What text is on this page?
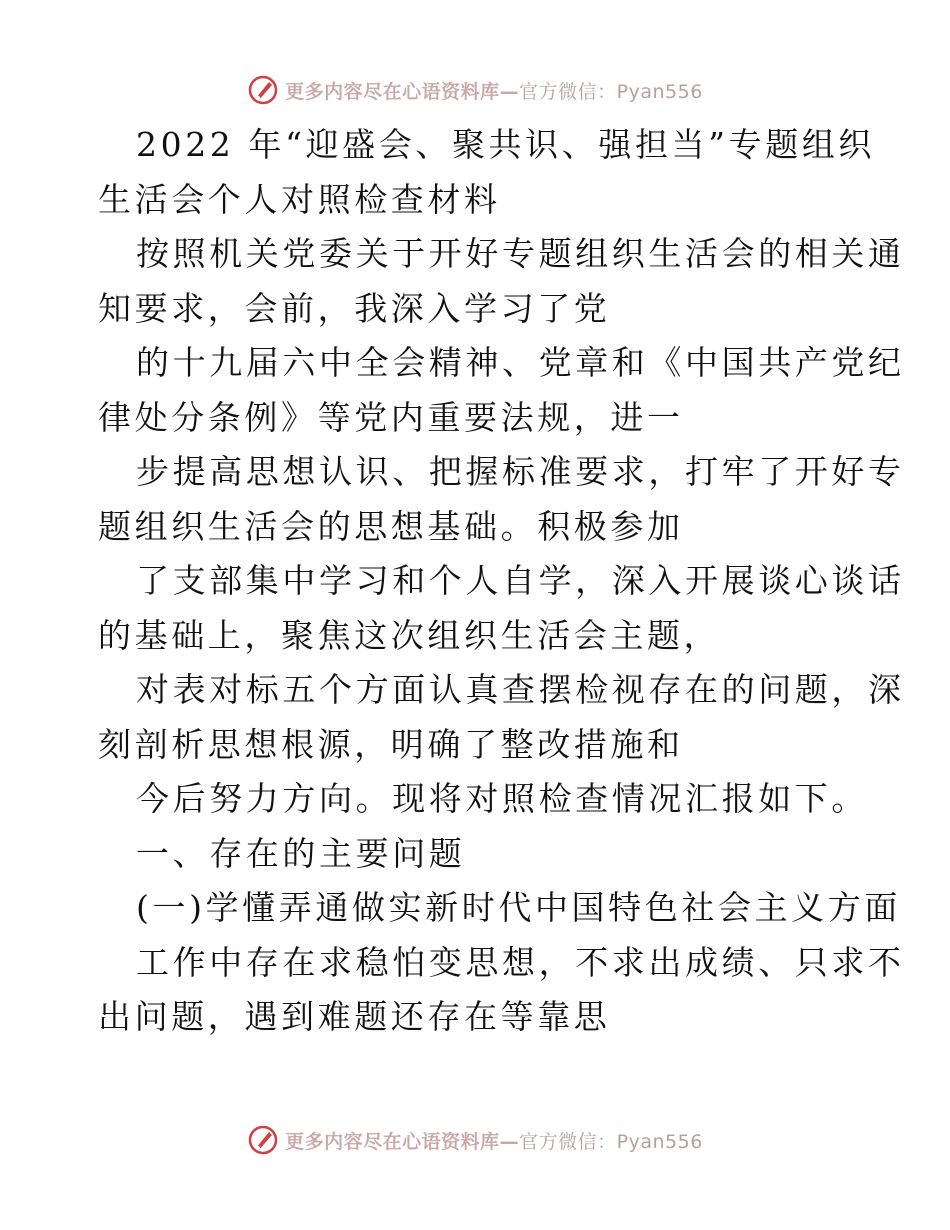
更多内容尽在心语资料库—官方微信：Pyan556
2022 年“迎盛会、聚共识、强担当”专题组织
生活会个人对照检查材料
按照机关党委关于开好专题组织生活会的相关通
知要求，会前，我深入学习了党
的十九届六中全会精神、党章和《中国共产党纪
律处分条例》等党内重要法规，进一
步提高思想认识、把握标准要求，打牢了开好专
题组织生活会的思想基础。积极参加
了支部集中学习和个人自学，深入开展谈心谈话
的基础上，聚焦这次组织生活会主题，
对表对标五个方面认真查摆检视存在的问题，深
刻剖析思想根源，明确了整改措施和
今后努力方向。现将对照检查情况汇报如下。
一、存在的主要问题
(一)学懂弄通做实新时代中国特色社会主义方面
工作中存在求稳怕变思想，不求出成绩、只求不
出问题，遇到难题还存在等靠思
更多内容尽在心语资料库—官方微信：Pyan556
